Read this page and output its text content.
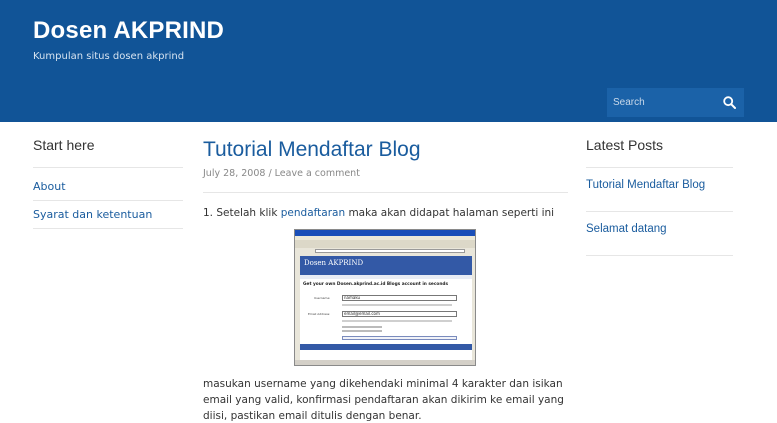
Dosen AKPRIND
Kumpulan situs dosen akprind
Search
Start here
About
Syarat dan ketentuan
Tutorial Mendaftar Blog
July 28, 2008 / Leave a comment
1. Setelah klik pendaftaran maka akan didapat halaman seperti ini
Dosen AKPRIND
Get your own Dosen.akprind.ac.id Blogs account in seconds
Username:	namaku
Email Address:	email@email.com
masukan username yang dikehendaki minimal 4 karakter dan isikan email yang valid, konfirmasi pendaftaran akan dikirim ke email yang diisi, pastikan email ditulis dengan benar.
Latest Posts
Tutorial Mendaftar Blog
Selamat datang
